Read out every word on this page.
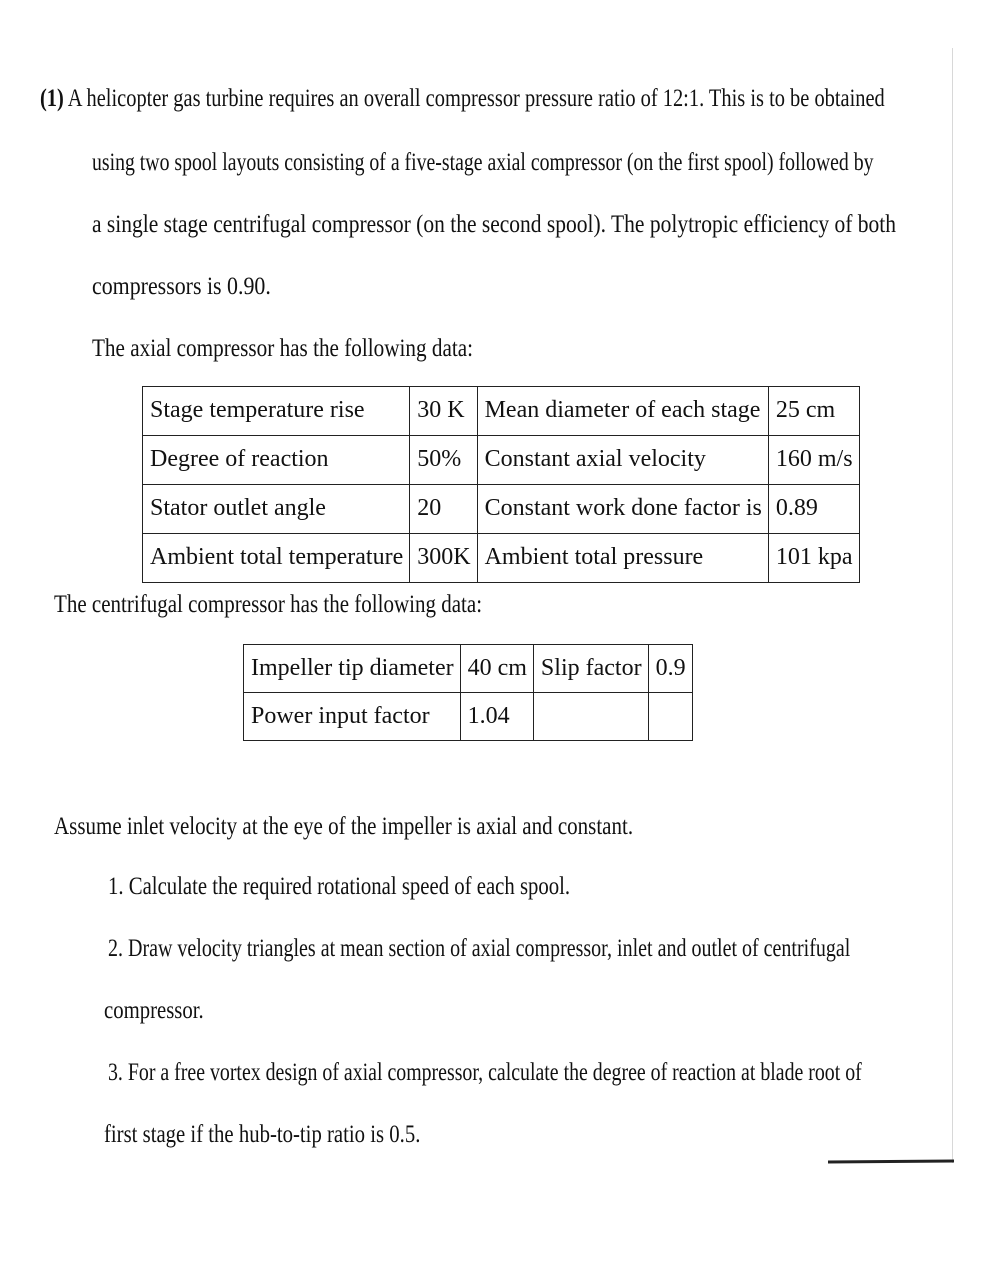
(1) A helicopter gas turbine requires an overall compressor pressure ratio of 12:1. This is to be obtained
using two spool layouts consisting of a five-stage axial compressor (on the first spool) followed by
a single stage centrifugal compressor (on the second spool). The polytropic efficiency of both
compressors is 0.90.
The axial compressor has the following data:
Stage temperature rise	30 K	Mean diameter of each stage	25 cm
Degree of reaction	50%	Constant axial velocity	160 m/s
Stator outlet angle	20	Constant work done factor is	0.89
Ambient total temperature	300K	Ambient total pressure	101 kpa
The centrifugal compressor has the following data:
Impeller tip diameter	40 cm	Slip factor	0.9
Power input factor	1.04		
Assume inlet velocity at the eye of the impeller is axial and constant.
1. Calculate the required rotational speed of each spool.
2. Draw velocity triangles at mean section of axial compressor, inlet and outlet of centrifugal
compressor.
3. For a free vortex design of axial compressor, calculate the degree of reaction at blade root of
first stage if the hub-to-tip ratio is 0.5.
